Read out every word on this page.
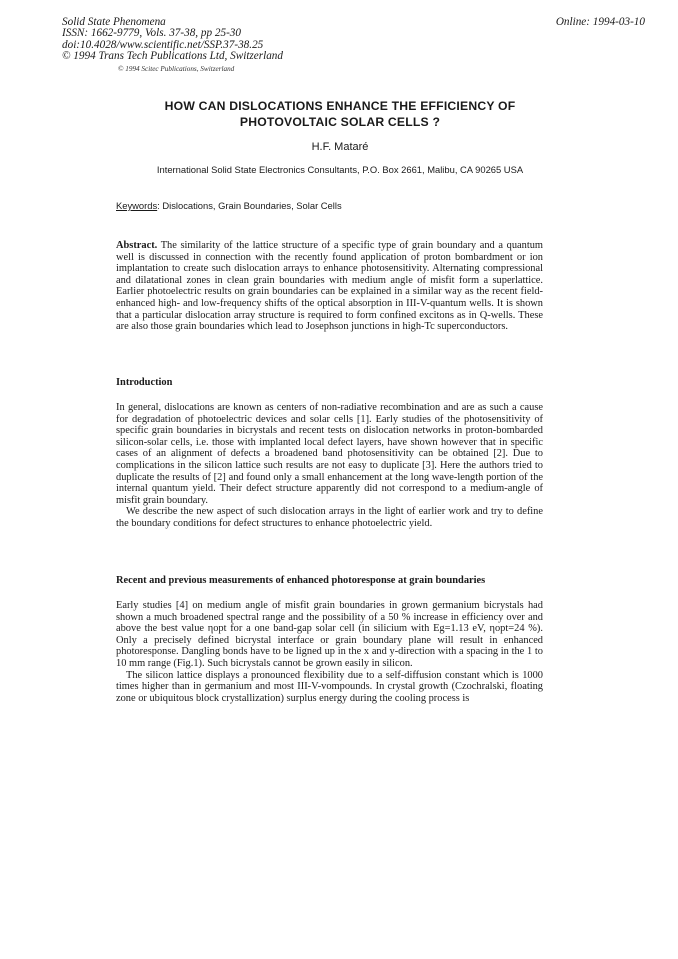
Solid State Phenomena
ISSN: 1662-9779, Vols. 37-38, pp 25-30
doi:10.4028/www.scientific.net/SSP.37-38.25
© 1994 Trans Tech Publications Ltd, Switzerland
Online: 1994-03-10
© 1994 Scitec Publications, Switzerland
HOW CAN DISLOCATIONS ENHANCE THE EFFICIENCY OF
PHOTOVOLTAIC SOLAR CELLS ?
H.F. Mataré
International Solid State Electronics Consultants, P.O. Box 2661, Malibu, CA 90265 USA
Keywords: Dislocations, Grain Boundaries, Solar Cells

Abstract. The similarity of the lattice structure of a specific type of grain boundary and a quantum well is discussed in connection with the recently found application of proton bombardment or ion implantation to create such dislocation arrays to enhance photosensitivity. Alternating compressional and dilatational zones in clean grain boundaries with medium angle of misfit form a superlattice. Earlier photoelectric results on grain boundaries can be explained in a similar way as the recent field-enhanced high- and low-frequency shifts of the optical absorption in III-V-quantum wells. It is shown that a particular dislocation array structure is required to form confined excitons as in Q-wells. These are also those grain boundaries which lead to Josephson junctions in high-Tc superconductors.

Introduction

In general, dislocations are known as centers of non-radiative recombination and are as such a cause for degradation of photoelectric devices and solar cells [1]. Early studies of the photosensitivity of specific grain boundaries in bicrystals and recent tests on dislocation networks in proton-bombarded silicon-solar cells, i.e. those with implanted local defect layers, have shown however that in specific cases of an alignment of defects a broadened band photosensitivity can be obtained [2]. Due to complications in the silicon lattice such results are not easy to duplicate [3]. Here the authors tried to duplicate the results of [2] and found only a small enhancement at the long wave-length portion of the internal quantum yield. Their defect structure apparently did not correspond to a medium-angle of misfit grain boundary.

We describe the new aspect of such dislocation arrays in the light of earlier work and try to define the boundary conditions for defect structures to enhance photoelectric yield.

Recent and previous measurements of enhanced photoresponse at grain boundaries

Early studies [4] on medium angle of misfit grain boundaries in grown germanium bicrystals had shown a much broadened spectral range and the possibility of a 50 % increase in efficiency over and above the best value ηopt for a one band-gap solar cell (in silicium with Eg=1.13 eV, ηopt=24 %). Only a precisely defined bicrystal interface or grain boundary plane will result in enhanced photoresponse. Dangling bonds have to be ligned up in the x and y-direction with a spacing in the 1 to 10 mm range (Fig.1). Such bicrystals cannot be grown easily in silicon.

The silicon lattice displays a pronounced flexibility due to a self-diffusion constant which is 1000 times higher than in germanium and most III-V-vompounds. In crystal growth (Czochralski, floating zone or ubiquitous block crystallization) surplus energy during the cooling process is
